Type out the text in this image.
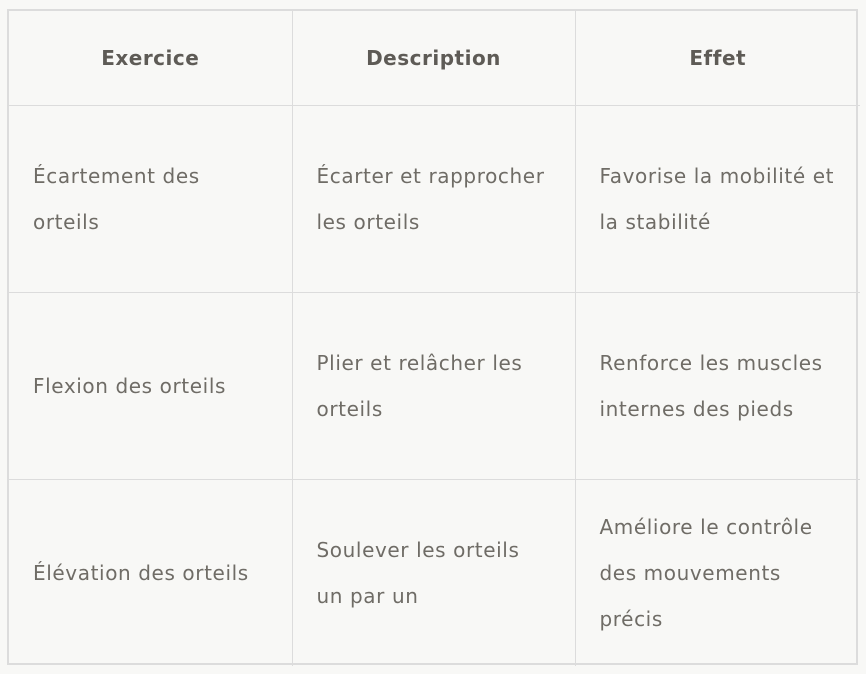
Exercice	Description	Effet
Écartement des orteils	Écarter et rapprocher les orteils	Favorise la mobilité et la stabilité
Flexion des orteils	Plier et relâcher les orteils	Renforce les muscles internes des pieds
Élévation des orteils	Soulever les orteils un par un	Améliore le contrôle des mouvements précis
